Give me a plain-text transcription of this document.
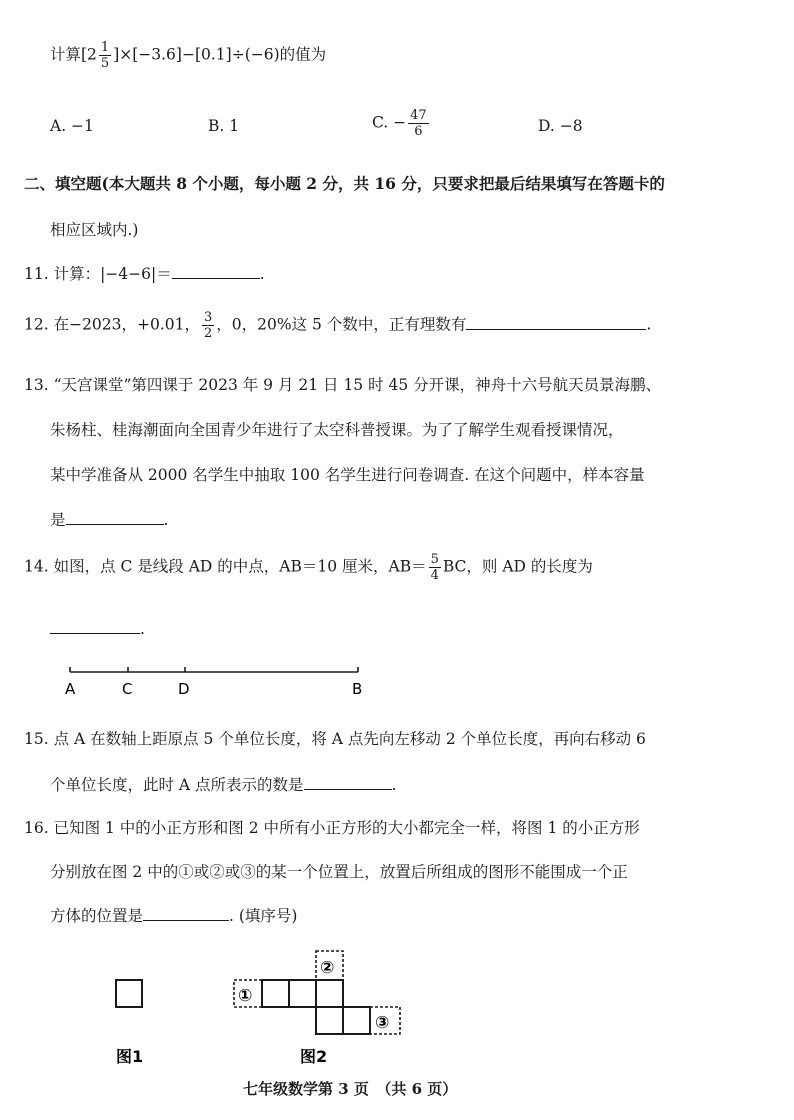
计算$[2 \frac{1}{5} ]\times[-3.6]-[0.1]\div(-6)$的值为
A. −1	B. 1	C. − $\frac{47}{6}$	D. −8
二、填空题(本大题共 8 个小题，每小题 2 分，共 16 分，只要求把最后结果填写在答题卡的
相应区域内.)
11. 计算：|−4−6|＝	.
12. 在−2023，+0.01， $\frac{3}{2}$ ，0，20%这 5 个数中，正有理数有	.
13. “天宫课堂”第四课于 2023 年 9 月 21 日 15 时 45 分开课，神舟十六号航天员景海鹏、
朱杨柱、桂海潮面向全国青少年进行了太空科普授课。为了了解学生观看授课情况，
某中学准备从 2000 名学生中抽取 100 名学生进行问卷调查. 在这个问题中，样本容量
是	.
14. 如图，点 C 是线段 AD 的中点，AB＝10 厘米，$AB= \frac{5}{4}$ BC，则 AD 的长度为
.
A	C	D	B
15. 点 A 在数轴上距原点 5 个单位长度，将 A 点先向左移动 2 个单位长度，再向右移动 6
个单位长度，此时 A 点所表示的数是	.
16. 已知图 1 中的小正方形和图 2 中所有小正方形的大小都完全一样，将图 1 的小正方形
分别放在图 2 中的①或②或③的某一个位置上，放置后所组成的图形不能围成一个正
方体的位置是	. (填序号)
图1
①
②
③
图2
七年级数学第 3 页　（共 6 页）
